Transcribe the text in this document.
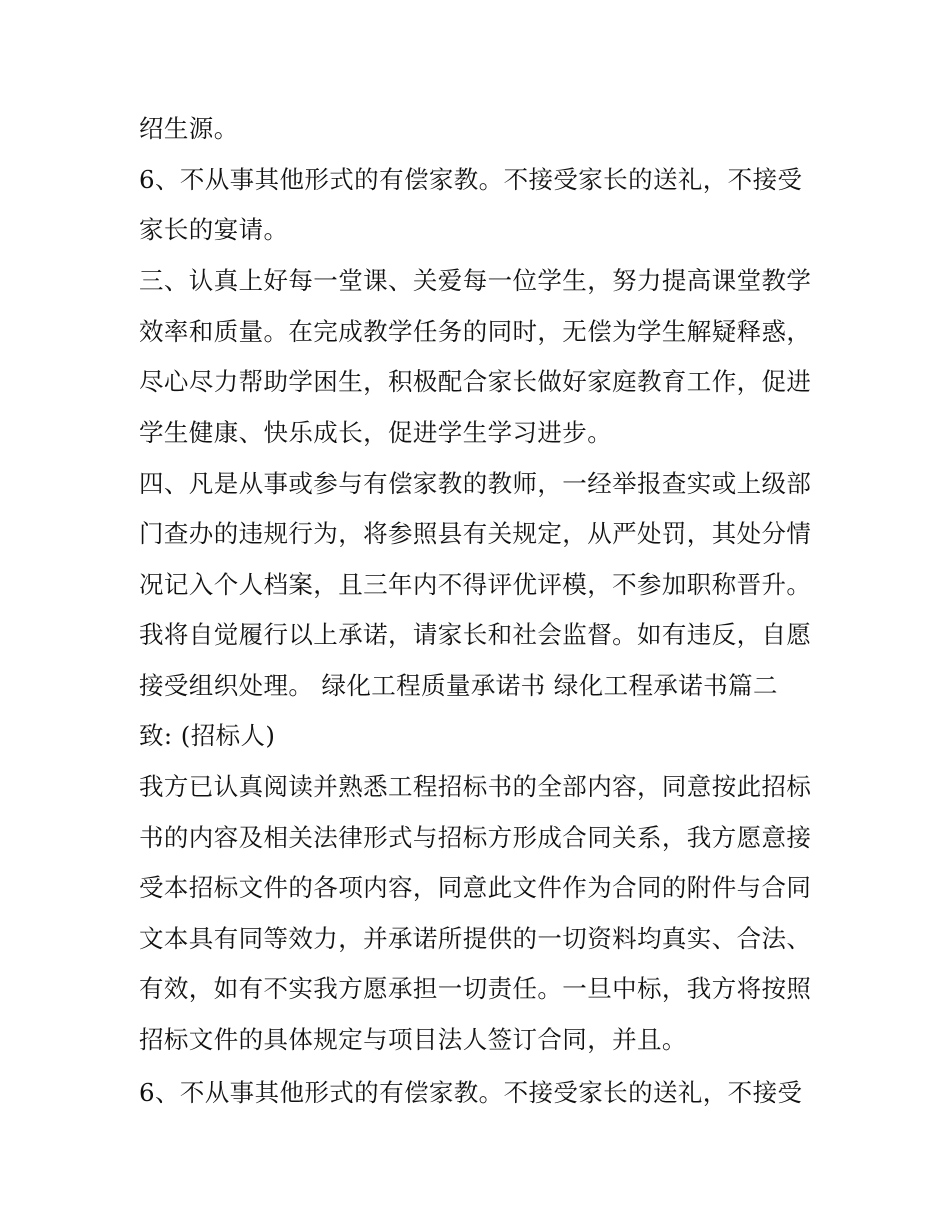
绍生源。
6、不从事其他形式的有偿家教。不接受家长的送礼，不接受
家长的宴请。
三、认真上好每一堂课、关爱每一位学生，努力提高课堂教学
效率和质量。在完成教学任务的同时，无偿为学生解疑释惑，
尽心尽力帮助学困生，积极配合家长做好家庭教育工作，促进
学生健康、快乐成长，促进学生学习进步。
四、凡是从事或参与有偿家教的教师，一经举报查实或上级部
门查办的违规行为，将参照县有关规定，从严处罚，其处分情
况记入个人档案，且三年内不得评优评模，不参加职称晋升。
我将自觉履行以上承诺，请家长和社会监督。如有违反，自愿
接受组织处理。 绿化工程质量承诺书 绿化工程承诺书篇二
致: (招标人)
我方已认真阅读并熟悉工程招标书的全部内容，同意按此招标
书的内容及相关法律形式与招标方形成合同关系，我方愿意接
受本招标文件的各项内容，同意此文件作为合同的附件与合同
文本具有同等效力，并承诺所提供的一切资料均真实、合法、
有效，如有不实我方愿承担一切责任。一旦中标，我方将按照
招标文件的具体规定与项目法人签订合同，并且。
6、不从事其他形式的有偿家教。不接受家长的送礼，不接受
